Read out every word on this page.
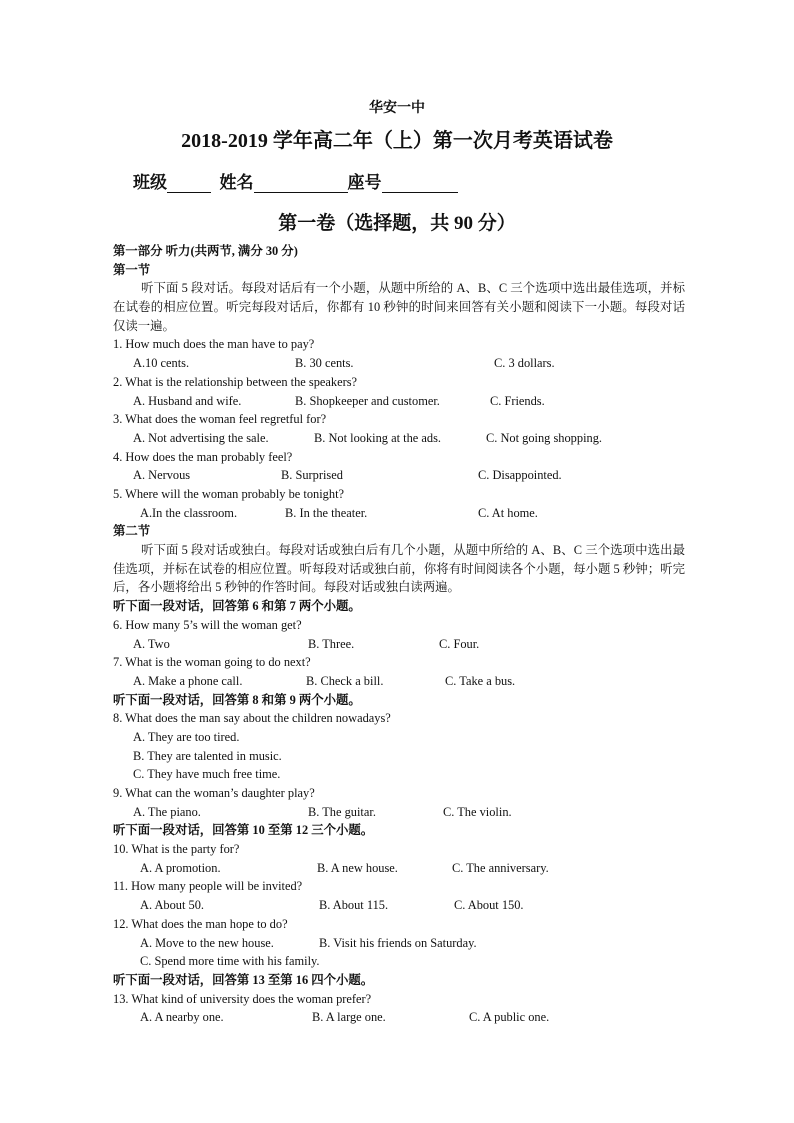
华安一中
2018-2019 学年高二年（上）第一次月考英语试卷
班级	姓名	座号
第一卷（选择题，共 90 分）
第一部分 听力(共两节, 满分 30 分)
第一节
听下面 5 段对话。每段对话后有一个小题，从题中所给的 A、B、C 三个选项中选出最佳选项，并标在试卷的相应位置。听完每段对话后，你都有 10 秒钟的时间来回答有关小题和阅读下一小题。每段对话仅读一遍。
1. How much does the man have to pay?
A.10 cents.	B. 30 cents.	C. 3 dollars.
2. What is the relationship between the speakers?
A. Husband and wife.	B. Shopkeeper and customer.	C. Friends.
3. What does the woman feel regretful for?
A. Not advertising the sale.	B. Not looking at the ads.	C. Not going shopping.
4. How does the man probably feel?
A. Nervous	B. Surprised	C. Disappointed.
5. Where will the woman probably be tonight?
A.In the classroom.	B. In the theater.	C. At home.
第二节
听下面 5 段对话或独白。每段对话或独白后有几个小题，从题中所给的 A、B、C 三个选项中选出最佳选项，并标在试卷的相应位置。听每段对话或独白前，你将有时间阅读各个小题，每小题 5 秒钟；听完后，各小题将给出 5 秒钟的作答时间。每段对话或独白读两遍。
听下面一段对话，回答第 6 和第 7 两个小题。
6. How many 5’s will the woman get?
A. Two	B. Three.	C. Four.
7. What is the woman going to do next?
A. Make a phone call.	B. Check a bill.	C. Take a bus.
听下面一段对话，回答第 8 和第 9 两个小题。
8. What does the man say about the children nowadays?
A. They are too tired.
B. They are talented in music.
C. They have much free time.
9. What can the woman’s daughter play?
A. The piano.	B. The guitar.	C. The violin.
听下面一段对话，回答第 10 至第 12 三个小题。
10. What is the party for?
A. A promotion.	B. A new house.	C. The anniversary.
11. How many people will be invited?
A. About 50.	B. About 115.	C. About 150.
12. What does the man hope to do?
A. Move to the new house.	B. Visit his friends on Saturday.
C. Spend more time with his family.
听下面一段对话，回答第 13 至第 16 四个小题。
13. What kind of university does the woman prefer?
A. A nearby one.	B. A large one.	C. A public one.
